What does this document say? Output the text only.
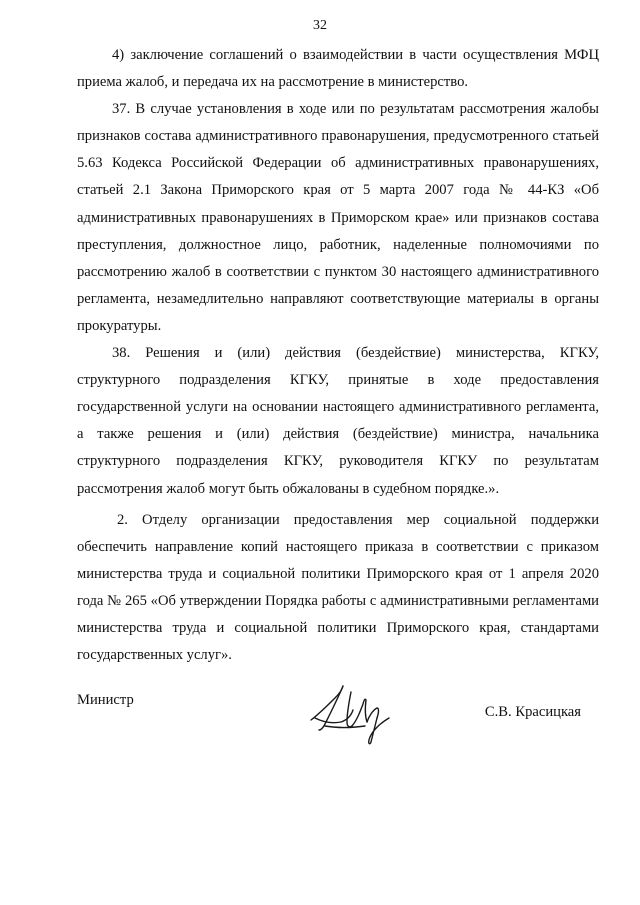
32

4) заключение соглашений о взаимодействии в части осуществления МФЦ приема жалоб, и передача их на рассмотрение в министерство.

37. В случае установления в ходе или по результатам рассмотрения жалобы признаков состава административного правонарушения, предусмотренного статьей 5.63 Кодекса Российской Федерации об административных правонарушениях, статьей 2.1 Закона Приморского края от 5 марта 2007 года № 44-КЗ «Об административных правонарушениях в Приморском крае» или признаков состава преступления, должностное лицо, работник, наделенные полномочиями по рассмотрению жалоб в соответствии с пунктом 30 настоящего административного регламента, незамедлительно направляют соответствующие материалы в органы прокуратуры.

38. Решения и (или) действия (бездействие) министерства, КГКУ, структурного подразделения КГКУ, принятые в ходе предоставления государственной услуги на основании настоящего административного регламента, а также решения и (или) действия (бездействие) министра, начальника структурного подразделения КГКУ, руководителя КГКУ по результатам рассмотрения жалоб могут быть обжалованы в судебном порядке.».

2. Отделу организации предоставления мер социальной поддержки обеспечить направление копий настоящего приказа в соответствии с приказом министерства труда и социальной политики Приморского края от 1 апреля 2020 года № 265 «Об утверждении Порядка работы с административными регламентами министерства труда и социальной политики Приморского края, стандартами государственных услуг».

Министр
С.В. Красицкая
